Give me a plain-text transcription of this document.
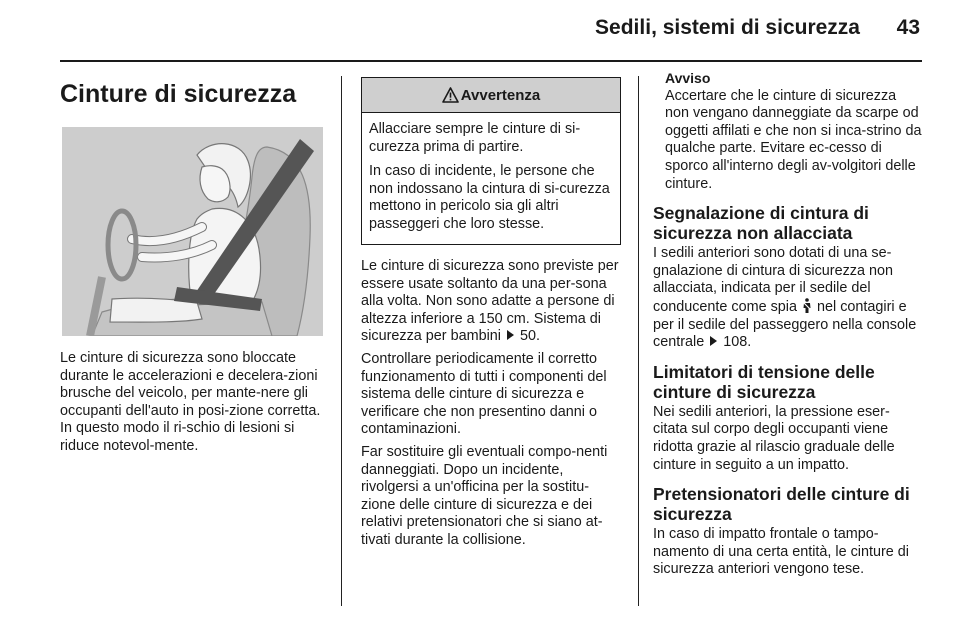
Sedili, sistemi di sicurezza	43
Cinture di sicurezza
Le cinture di sicurezza sono bloccate durante le accelerazioni e decelera-zioni brusche del veicolo, per mante-nere gli occupanti dell'auto in posi-zione corretta. In questo modo il ri-schio di lesioni si riduce notevol-mente.
Avvertenza

Allacciare sempre le cinture di si-curezza prima di partire.

In caso di incidente, le persone che non indossano la cintura di si-curezza mettono in pericolo sia gli altri passeggeri che loro stesse.

Le cinture di sicurezza sono previste per essere usate soltanto da una per-sona alla volta. Non sono adatte a persone di altezza inferiore a 150 cm. Sistema di sicurezza per bambini 50.

Controllare periodicamente il corretto funzionamento di tutti i componenti del sistema delle cinture di sicurezza e verificare che non presentino danni o contaminazioni.

Far sostituire gli eventuali compo-nenti danneggiati. Dopo un incidente, rivolgersi a un'officina per la sostitu-zione delle cinture di sicurezza e dei relativi pretensionatori che si siano at-tivati durante la collisione.

Avviso

Accertare che le cinture di sicurezza non vengano danneggiate da scarpe od oggetti affilati e che non si inca-strino da qualche parte. Evitare ec-cesso di sporco all'interno degli av-volgitori delle cinture.

Segnalazione di cintura di sicurezza non allacciata

I sedili anteriori sono dotati di una se-gnalazione di cintura di sicurezza non allacciata, indicata per il sedile del conducente come spia nel contagiri e per il sedile del passeggero nella console centrale 108.

Limitatori di tensione delle cinture di sicurezza

Nei sedili anteriori, la pressione eser-citata sul corpo degli occupanti viene ridotta grazie al rilascio graduale delle cinture in seguito a un impatto.

Pretensionatori delle cinture di sicurezza

In caso di impatto frontale o tampo-namento di una certa entità, le cinture di sicurezza anteriori vengono tese.
